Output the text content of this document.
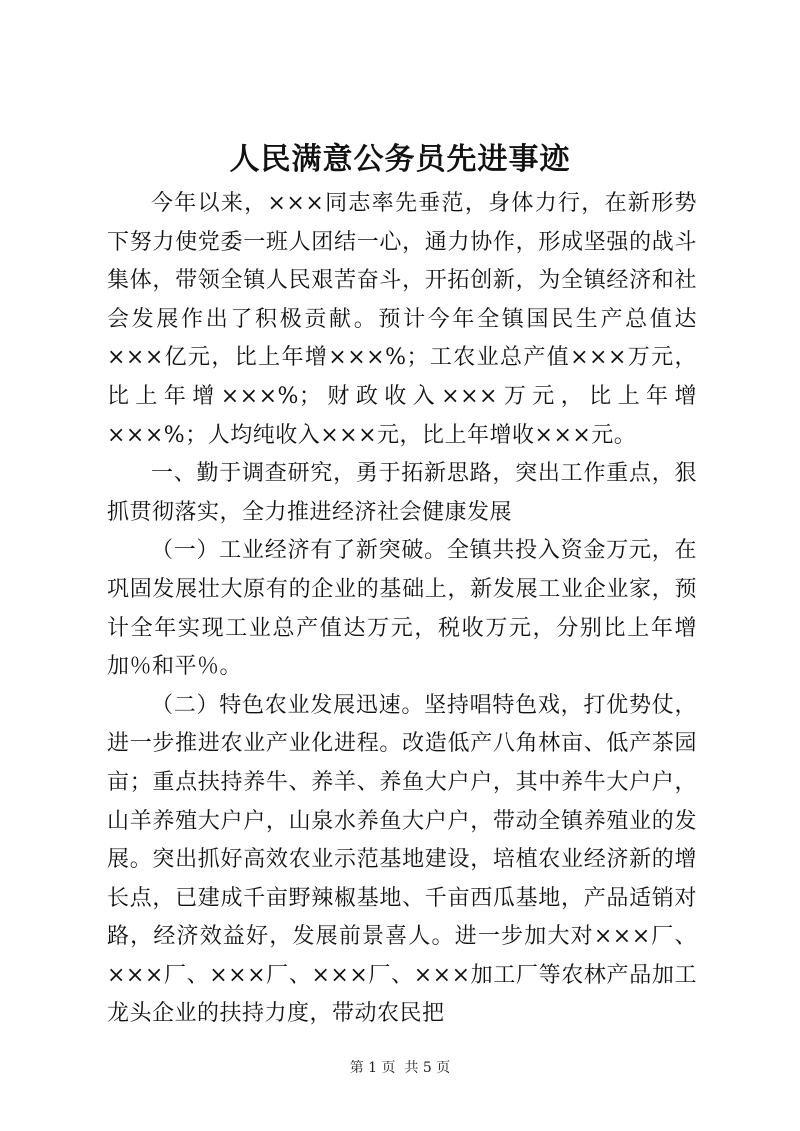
人民满意公务员先进事迹

今年以来，×××同志率先垂范，身体力行，在新形势下努力使党委一班人团结一心，通力协作，形成坚强的战斗集体，带领全镇人民艰苦奋斗，开拓创新，为全镇经济和社会发展作出了积极贡献。预计今年全镇国民生产总值达×××亿元，比上年增×××%；工农业总产值×××万元，比上年增×××%；财政收入×××万元，比上年增×××%；人均纯收入×××元，比上年增收×××元。

一、勤于调查研究，勇于拓新思路，突出工作重点，狠抓贯彻落实，全力推进经济社会健康发展

（一）工业经济有了新突破。全镇共投入资金万元，在巩固发展壮大原有的企业的基础上，新发展工业企业家，预计全年实现工业总产值达万元，税收万元，分别比上年增加％和平％。

（二）特色农业发展迅速。坚持唱特色戏，打优势仗，进一步推进农业产业化进程。改造低产八角林亩、低产茶园亩；重点扶持养牛、养羊、养鱼大户户，其中养牛大户户，山羊养殖大户户，山泉水养鱼大户户，带动全镇养殖业的发展。突出抓好高效农业示范基地建设，培植农业经济新的增长点，已建成千亩野辣椒基地、千亩西瓜基地，产品适销对路，经济效益好，发展前景喜人。进一步加大对×××厂、×××厂、×××厂、×××厂、×××加工厂等农林产品加工龙头企业的扶持力度，带动农民把

第 1 页  共 5 页
